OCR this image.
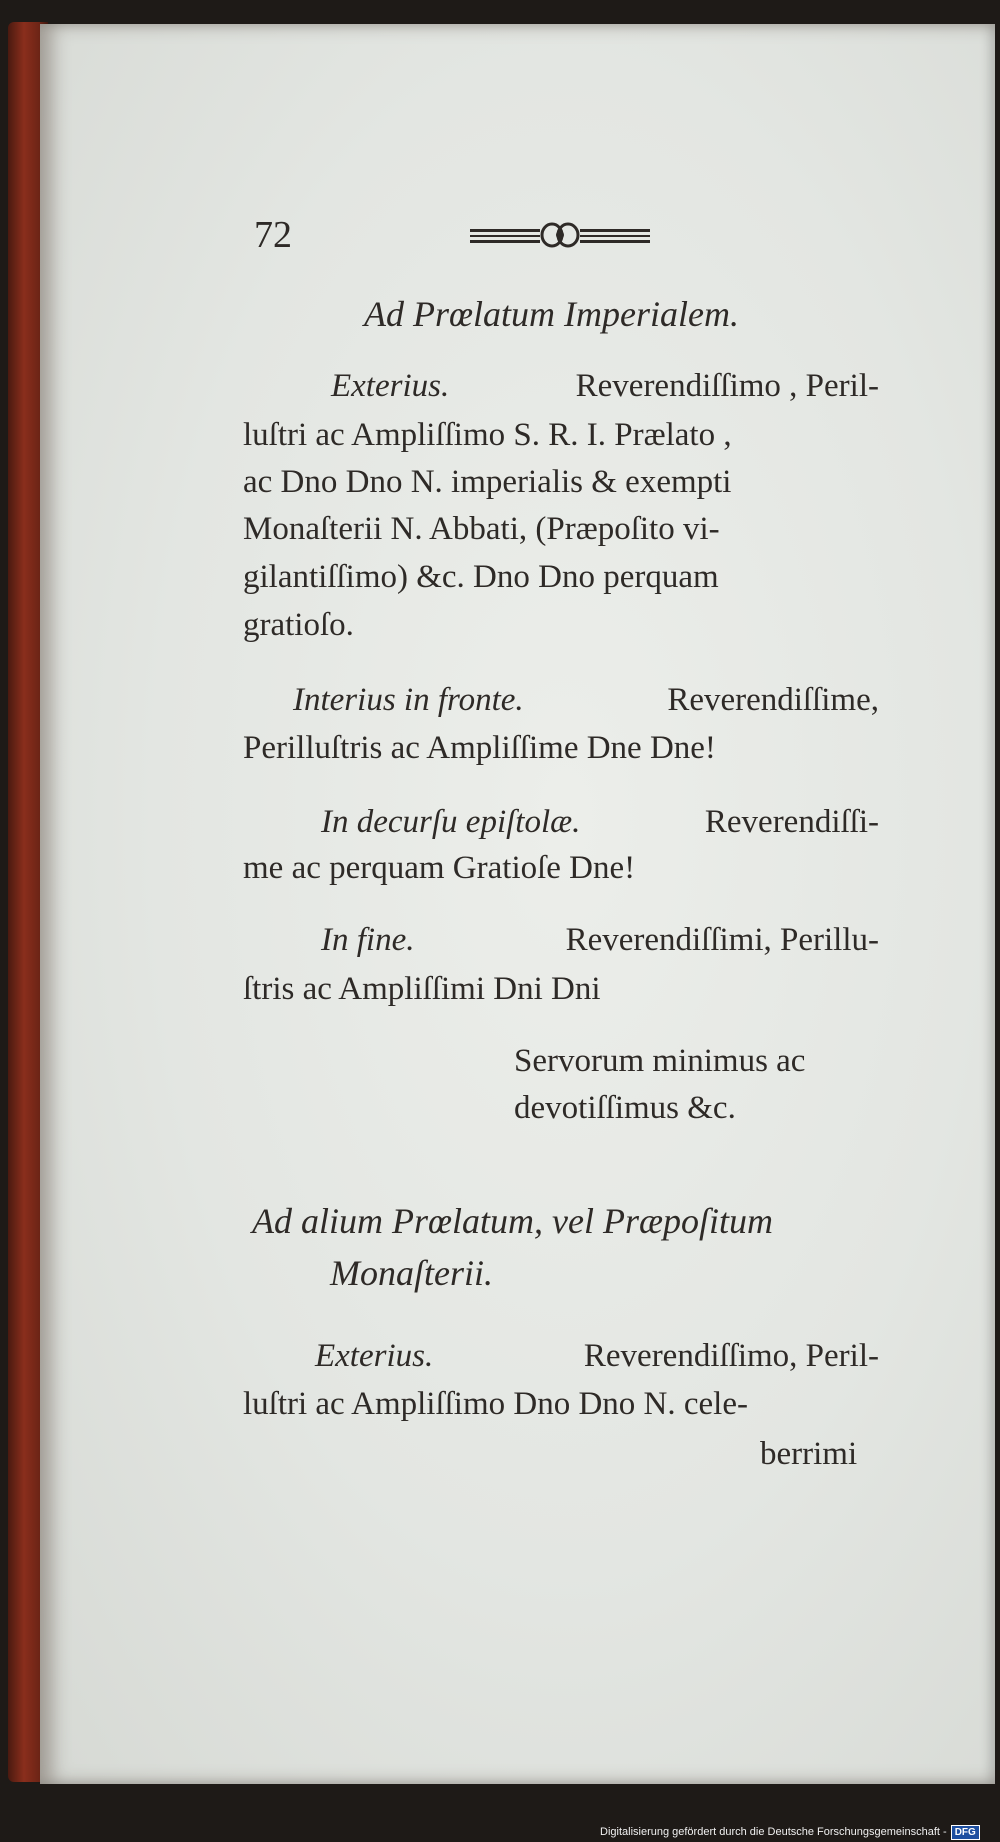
72
Ad Prœlatum Imperialem.
Exterius.	Reverendiſſimo , Peril-
luſtri ac Ampliſſimo S. R. I. Prælato ,
ac Dno Dno N. imperialis & exempti
Monaſterii N. Abbati, (Præpoſito vi-
gilantiſſimo) &c. Dno Dno perquam
gratioſo.
Interius in fronte.	Reverendiſſime,
Perilluſtris ac Ampliſſime Dne Dne!
In decurſu epiſtolæ.	Reverendiſſi-
me ac perquam Gratioſe Dne!
In fine.	Reverendiſſimi, Perillu-
ſtris ac Ampliſſimi Dni Dni
Servorum minimus ac
devotiſſimus &c.
Ad alium Prœlatum, vel Præpoſitum
Monaſterii.
Exterius.	Reverendiſſimo, Peril-
luſtri ac Ampliſſimo Dno Dno N. cele-
berrimi
Digitalisierung gefördert durch die Deutsche Forschungsgemeinschaft - DFG
